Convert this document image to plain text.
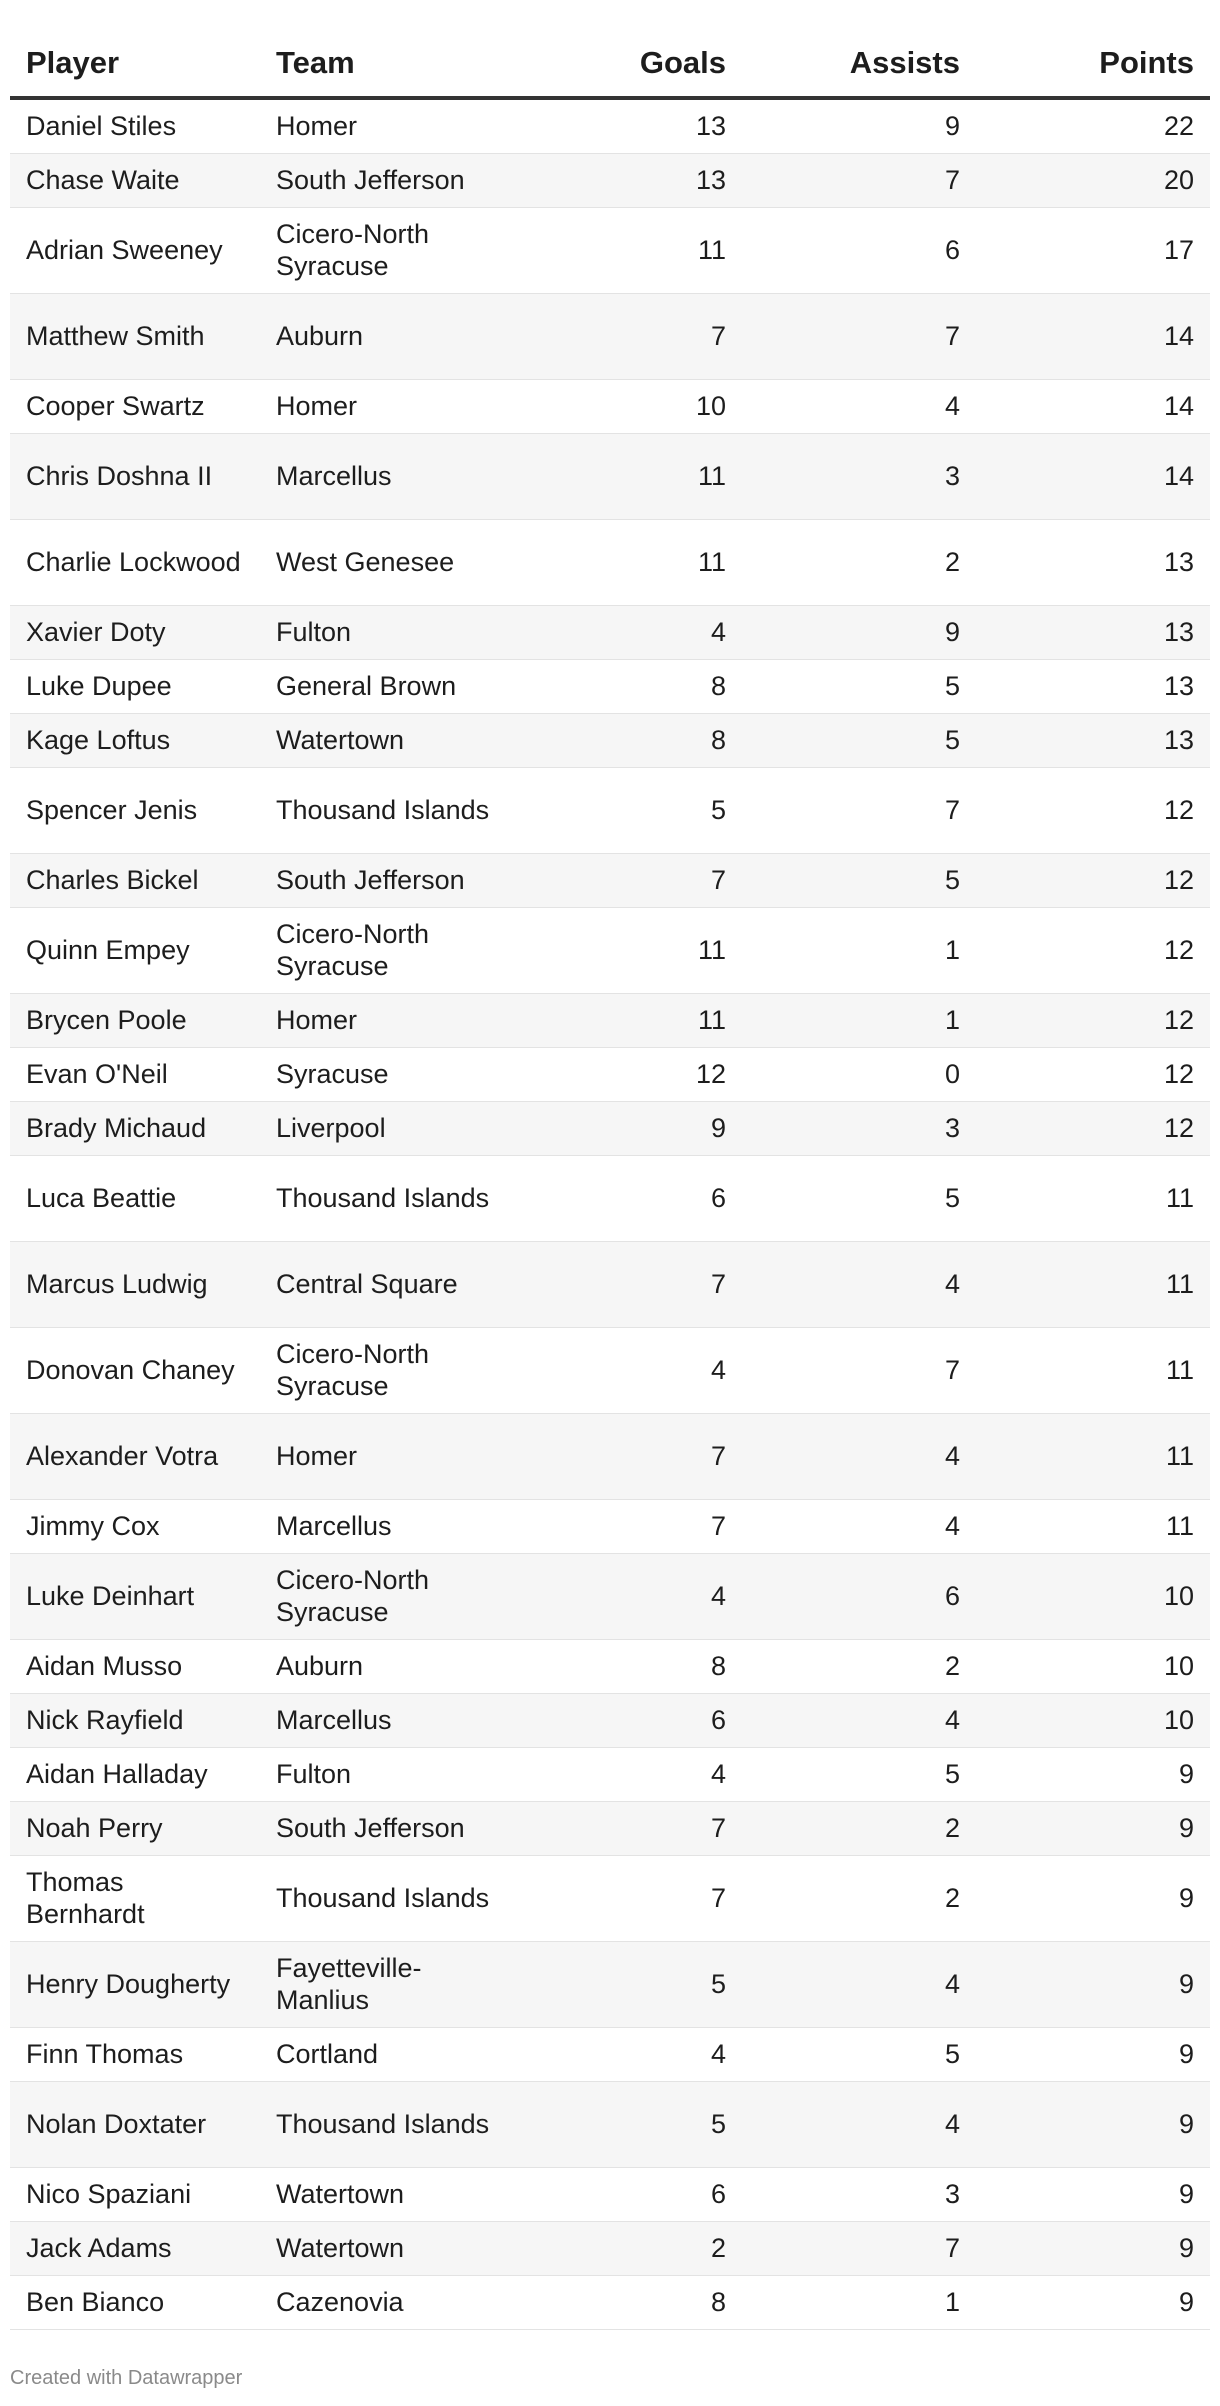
Player	Team	Goals	Assists	Points
Daniel Stiles	Homer	13	9	22
Chase Waite	South Jefferson	13	7	20
Adrian Sweeney	Cicero-North Syracuse	11	6	17
Matthew Smith	Auburn	7	7	14
Cooper Swartz	Homer	10	4	14
Chris Doshna II	Marcellus	11	3	14
Charlie Lockwood	West Genesee	11	2	13
Xavier Doty	Fulton	4	9	13
Luke Dupee	General Brown	8	5	13
Kage Loftus	Watertown	8	5	13
Spencer Jenis	Thousand Islands	5	7	12
Charles Bickel	South Jefferson	7	5	12
Quinn Empey	Cicero-North Syracuse	11	1	12
Brycen Poole	Homer	11	1	12
Evan O'Neil	Syracuse	12	0	12
Brady Michaud	Liverpool	9	3	12
Luca Beattie	Thousand Islands	6	5	11
Marcus Ludwig	Central Square	7	4	11
Donovan Chaney	Cicero-North Syracuse	4	7	11
Alexander Votra	Homer	7	4	11
Jimmy Cox	Marcellus	7	4	11
Luke Deinhart	Cicero-North Syracuse	4	6	10
Aidan Musso	Auburn	8	2	10
Nick Rayfield	Marcellus	6	4	10
Aidan Halladay	Fulton	4	5	9
Noah Perry	South Jefferson	7	2	9
Thomas Bernhardt	Thousand Islands	7	2	9
Henry Dougherty	Fayetteville-Manlius	5	4	9
Finn Thomas	Cortland	4	5	9
Nolan Doxtater	Thousand Islands	5	4	9
Nico Spaziani	Watertown	6	3	9
Jack Adams	Watertown	2	7	9
Ben Bianco	Cazenovia	8	1	9
Created with Datawrapper
